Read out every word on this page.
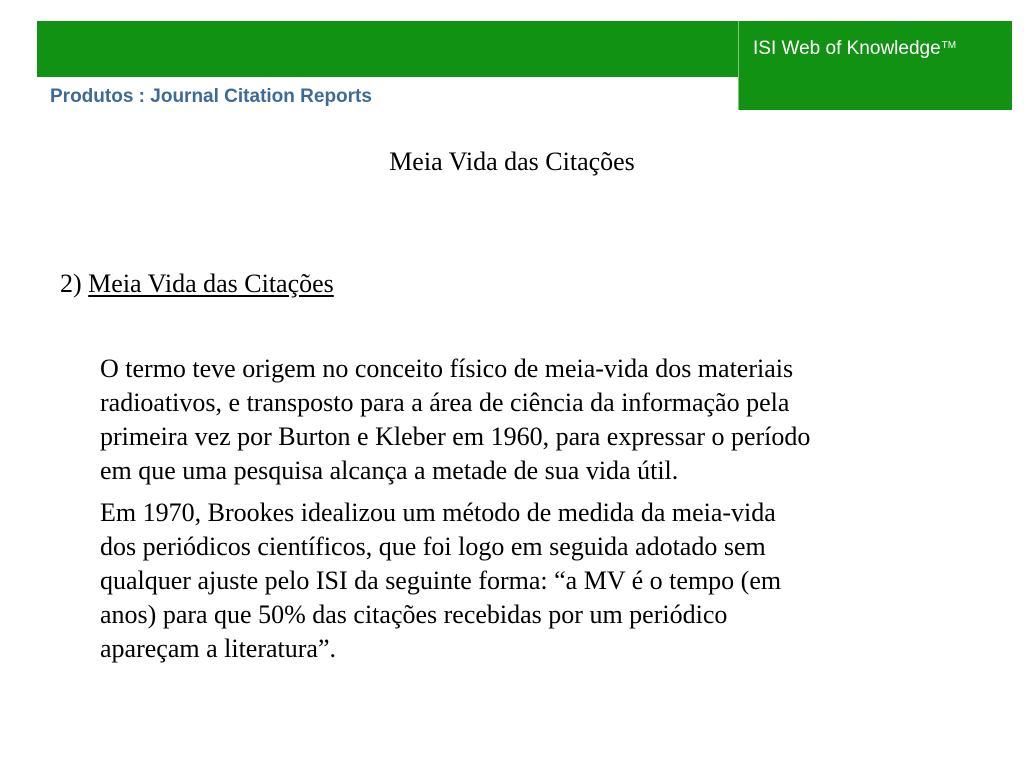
ISI Web of Knowledge™
Produtos : Journal Citation Reports
Meia Vida das Citações
2) Meia Vida das Citações

O termo teve origem no conceito físico de meia-vida dos materiais
radioativos, e transposto para a área de ciência da informação pela
primeira vez por Burton e Kleber em 1960, para expressar o período
em que uma pesquisa alcança a metade de sua vida útil.

Em 1970, Brookes idealizou um método de medida da meia-vida
dos periódicos científicos, que foi logo em seguida adotado sem
qualquer ajuste pelo ISI da seguinte forma: “a MV é o tempo (em
anos) para que 50% das citações recebidas por um periódico
apareçam a literatura”.
